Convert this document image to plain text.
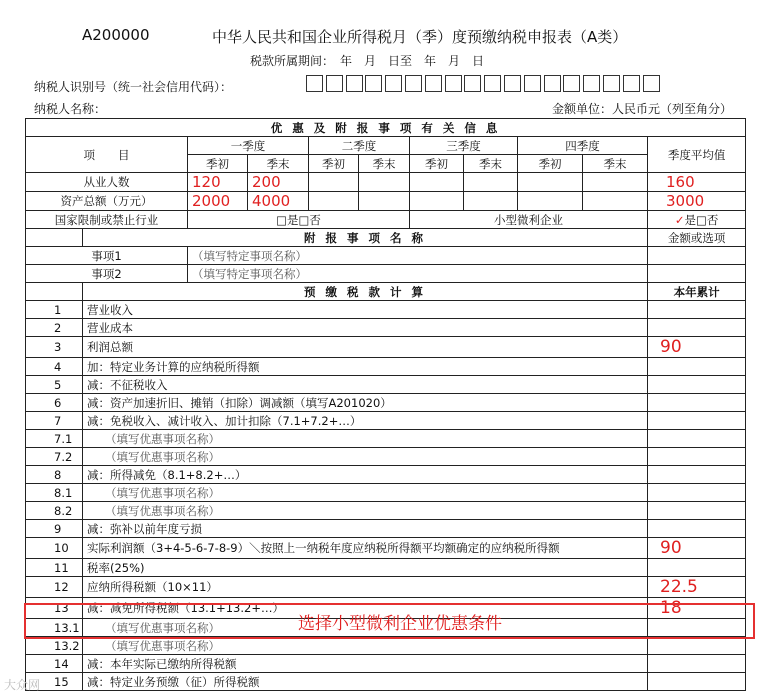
A200000	中华人民共和国企业所得税月（季）度预缴纳税申报表（A类）
税款所属期间：　年　月　日至　年　月　日
纳税人识别号（统一社会信用代码）：
纳税人名称：	金额单位：人民币元（列至角分）
优 惠 及 附 报 事 项 有 关 信 息										
项　　目		一季度		二季度		三季度		四季度		季度平均值
		季初	季末	季初	季末	季初	季末	季初	季末	
从业人数		120	200							160
资产总额（万元）		2000	4000							3000
国家限制或禁止行业		□是□否				小型微利企业				✓是□否
	附 报 事 项 名 称									金额或选项
事项1		（填写特定事项名称）								
事项2		（填写特定事项名称）								
	预 缴 税 款 计 算									本年累计
1	营业收入									
2	营业成本									
3	利润总额									90
4	加：特定业务计算的应纳税所得额									
5	减：不征税收入									
6	减：资产加速折旧、摊销（扣除）调减额（填写A201020）									
7	减：免税收入、减计收入、加计扣除（7.1+7.2+…）									
7.1	（填写优惠事项名称）									
7.2	（填写优惠事项名称）									
8	减：所得减免（8.1+8.2+…）									
8.1	（填写优惠事项名称）									
8.2	（填写优惠事项名称）									
9	减：弥补以前年度亏损									
10	实际利润额（3+4-5-6-7-8-9）＼按照上一纳税年度应纳税所得额平均额确定的应纳税所得额									90
11	税率(25%)									
12	应纳所得税额（10×11）									22.5
13	减：减免所得税额（13.1+13.2+…）									18
13.1	（填写优惠事项名称）									
13.2	（填写优惠事项名称）									
14	减：本年实际已缴纳所得税额									
15	减：特定业务预缴（征）所得税额									
选择小型微利企业优惠条件
大众网
